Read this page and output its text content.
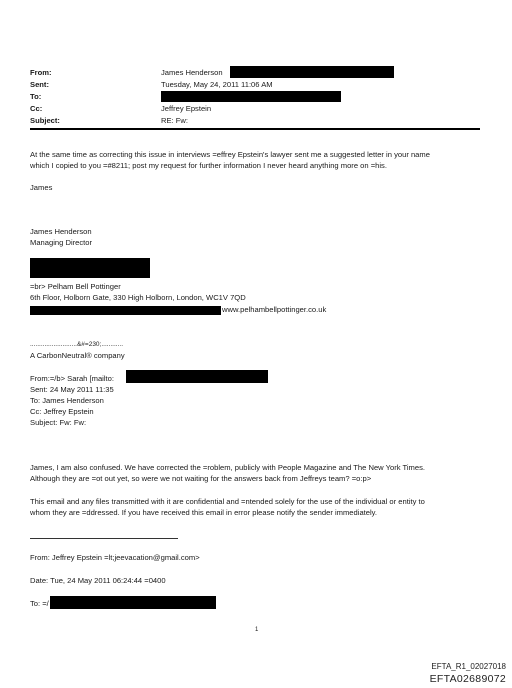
From:
Sent:
To:
Cc:
Subject:
James Henderson
Tuesday, May 24, 2011 11:06 AM
Jeffrey Epstein
RE: Fw:
At the same time as correcting this issue in interviews =effrey Epstein's lawyer sent me a suggested letter in your name
which I copied to you =#8211; post my request for further information I never heard anything more on =his.
James
James Henderson
Managing Director
=br> Pelham Bell Pottinger
6th Floor, Holborn Gate, 330 High Holborn, London, WC1V 7QD
www.pelhambellpottinger.co.uk
..........................&#=230;............
A CarbonNeutral® company
From:=/b> Sarah [mailto:
Sent: 24 May 2011 11:35
To: James Henderson
Cc: Jeffrey Epstein
Subject: Fw: Fw:
James, I am also confused. We have corrected the =roblem, publicly with People Magazine and The New York Times.
Although they are =ot out yet, so were we not waiting for the answers back from Jeffreys team? =o:p>
This email and any files transmitted with it are confidential and =ntended solely for the use of the individual or entity to
whom they are =ddressed. If you have received this email in error please notify the sender immediately.
From: Jeffrey Epstein =lt;jeevacation@gmail.com>
Date: Tue, 24 May 2011 06:24:44 =0400
To: =/
1
EFTA_R1_02027018
EFTA02689072
